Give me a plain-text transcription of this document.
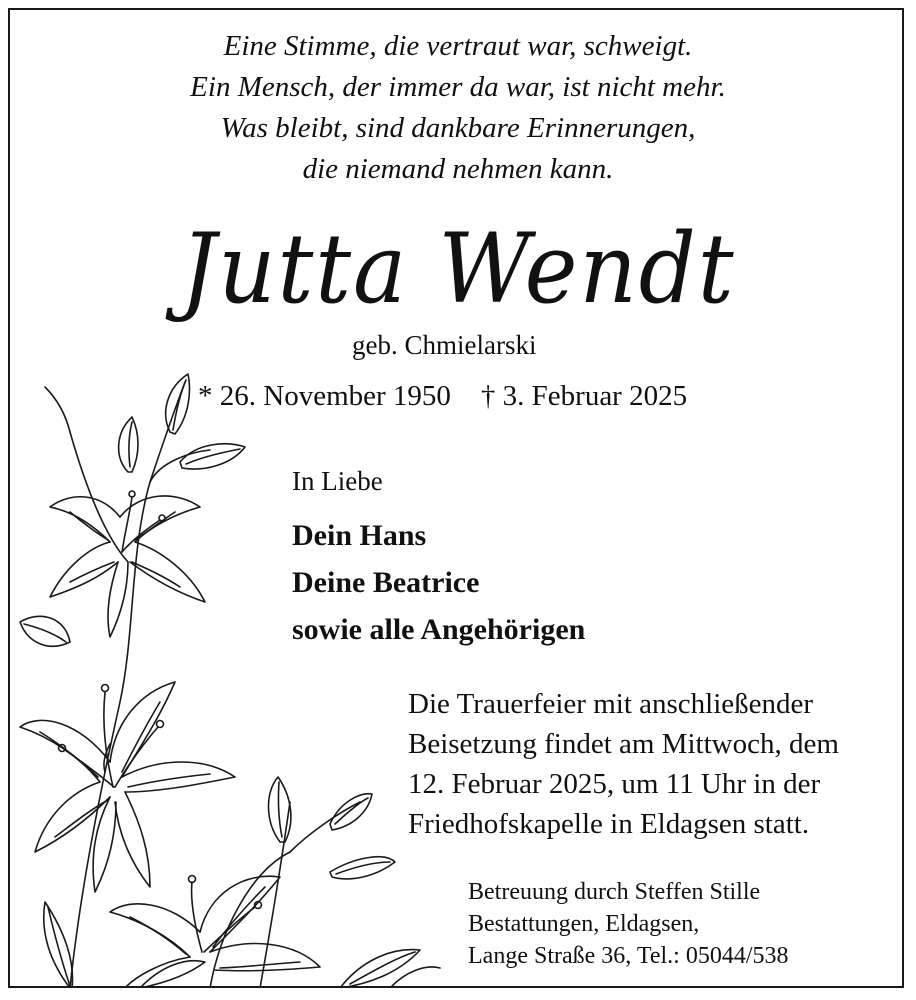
Eine Stimme, die vertraut war, schweigt.
Ein Mensch, der immer da war, ist nicht mehr.
Was bleibt, sind dankbare Erinnerungen,
die niemand nehmen kann.
Jutta Wendt
geb. Chmielarski
* 26. November 1950 † 3. Februar 2025
In Liebe
Dein Hans
Deine Beatrice
sowie alle Angehörigen
Die Trauerfeier mit anschließender
Beisetzung findet am Mittwoch, dem
12. Februar 2025, um 11 Uhr in der
Friedhofskapelle in Eldagsen statt.
Betreuung durch Steffen Stille
Bestattungen, Eldagsen,
Lange Straße 36, Tel.: 05044/538
